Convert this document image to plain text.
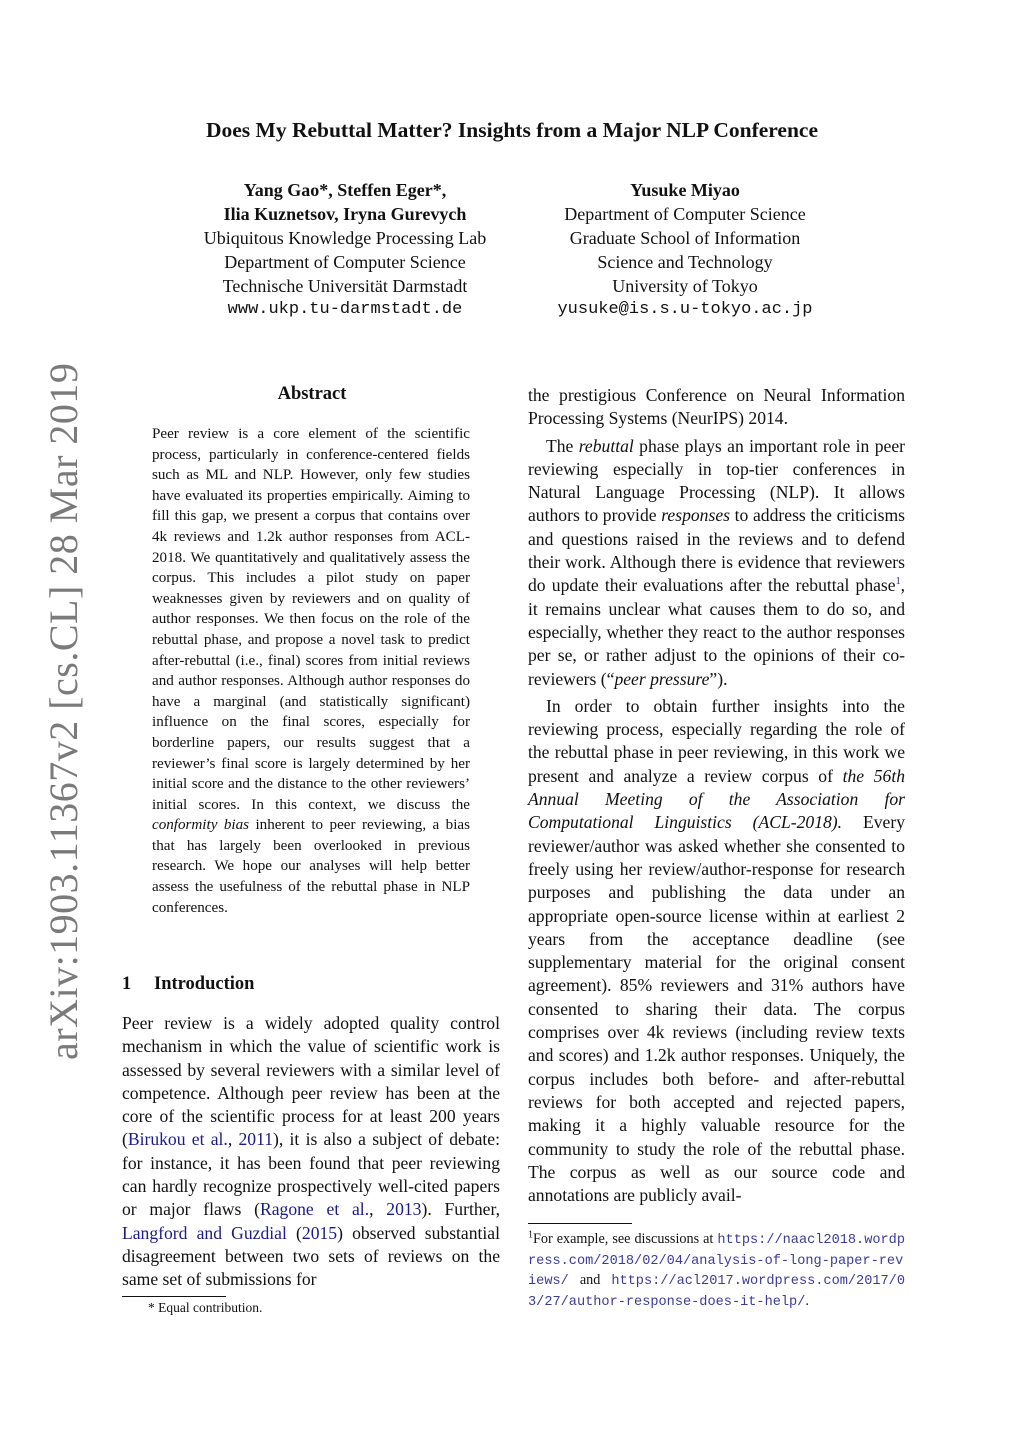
arXiv:1903.11367v2 [cs.CL] 28 Mar 2019
Does My Rebuttal Matter? Insights from a Major NLP Conference
Yang Gao*, Steffen Eger*,
Ilia Kuznetsov, Iryna Gurevych
Ubiquitous Knowledge Processing Lab
Department of Computer Science
Technische Universität Darmstadt
www.ukp.tu-darmstadt.de
Yusuke Miyao
Department of Computer Science
Graduate School of Information
Science and Technology
University of Tokyo
yusuke@is.s.u-tokyo.ac.jp
Abstract
Peer review is a core element of the scientific process, particularly in conference-centered fields such as ML and NLP. However, only few studies have evaluated its properties empirically. Aiming to fill this gap, we present a corpus that contains over 4k reviews and 1.2k author responses from ACL-2018. We quantitatively and qualitatively assess the corpus. This includes a pilot study on paper weaknesses given by reviewers and on quality of author responses. We then focus on the role of the rebuttal phase, and propose a novel task to predict after-rebuttal (i.e., final) scores from initial reviews and author responses. Although author responses do have a marginal (and statistically significant) influence on the final scores, especially for borderline papers, our results suggest that a reviewer’s final score is largely determined by her initial score and the distance to the other reviewers’ initial scores. In this context, we discuss the conformity bias inherent to peer reviewing, a bias that has largely been overlooked in previous research. We hope our analyses will help better assess the usefulness of the rebuttal phase in NLP conferences.
1 Introduction

Peer review is a widely adopted quality control mechanism in which the value of scientific work is assessed by several reviewers with a similar level of competence. Although peer review has been at the core of the scientific process for at least 200 years (Birukou et al., 2011), it is also a subject of debate: for instance, it has been found that peer reviewing can hardly recognize prospectively well-cited papers or major flaws (Ragone et al., 2013). Further, Langford and Guzdial (2015) observed substantial disagreement between two sets of reviews on the same set of submissions for

* Equal contribution.

the prestigious Conference on Neural Information Processing Systems (NeurIPS) 2014.

The rebuttal phase plays an important role in peer reviewing especially in top-tier conferences in Natural Language Processing (NLP). It allows authors to provide responses to address the criticisms and questions raised in the reviews and to defend their work. Although there is evidence that reviewers do update their evaluations after the rebuttal phase$^1$, it remains unclear what causes them to do so, and especially, whether they react to the author responses per se, or rather adjust to the opinions of their co-reviewers (“peer pressure”).

In order to obtain further insights into the reviewing process, especially regarding the role of the rebuttal phase in peer reviewing, in this work we present and analyze a review corpus of the 56th Annual Meeting of the Association for Computational Linguistics (ACL-2018). Every reviewer/author was asked whether she consented to freely using her review/author-response for research purposes and publishing the data under an appropriate open-source license within at earliest 2 years from the acceptance deadline (see supplementary material for the original consent agreement). 85% reviewers and 31% authors have consented to sharing their data. The corpus comprises over 4k reviews (including review texts and scores) and 1.2k author responses. Uniquely, the corpus includes both before- and after-rebuttal reviews for both accepted and rejected papers, making it a highly valuable resource for the community to study the role of the rebuttal phase. The corpus as well as our source code and annotations are publicly avail-

$^1$For example, see discussions at https://naacl2018.wordpress.com/2018/02/04/analysis-of-long-paper-reviews/ and https://acl2017.wordpress.com/2017/03/27/author-response-does-it-help/.
